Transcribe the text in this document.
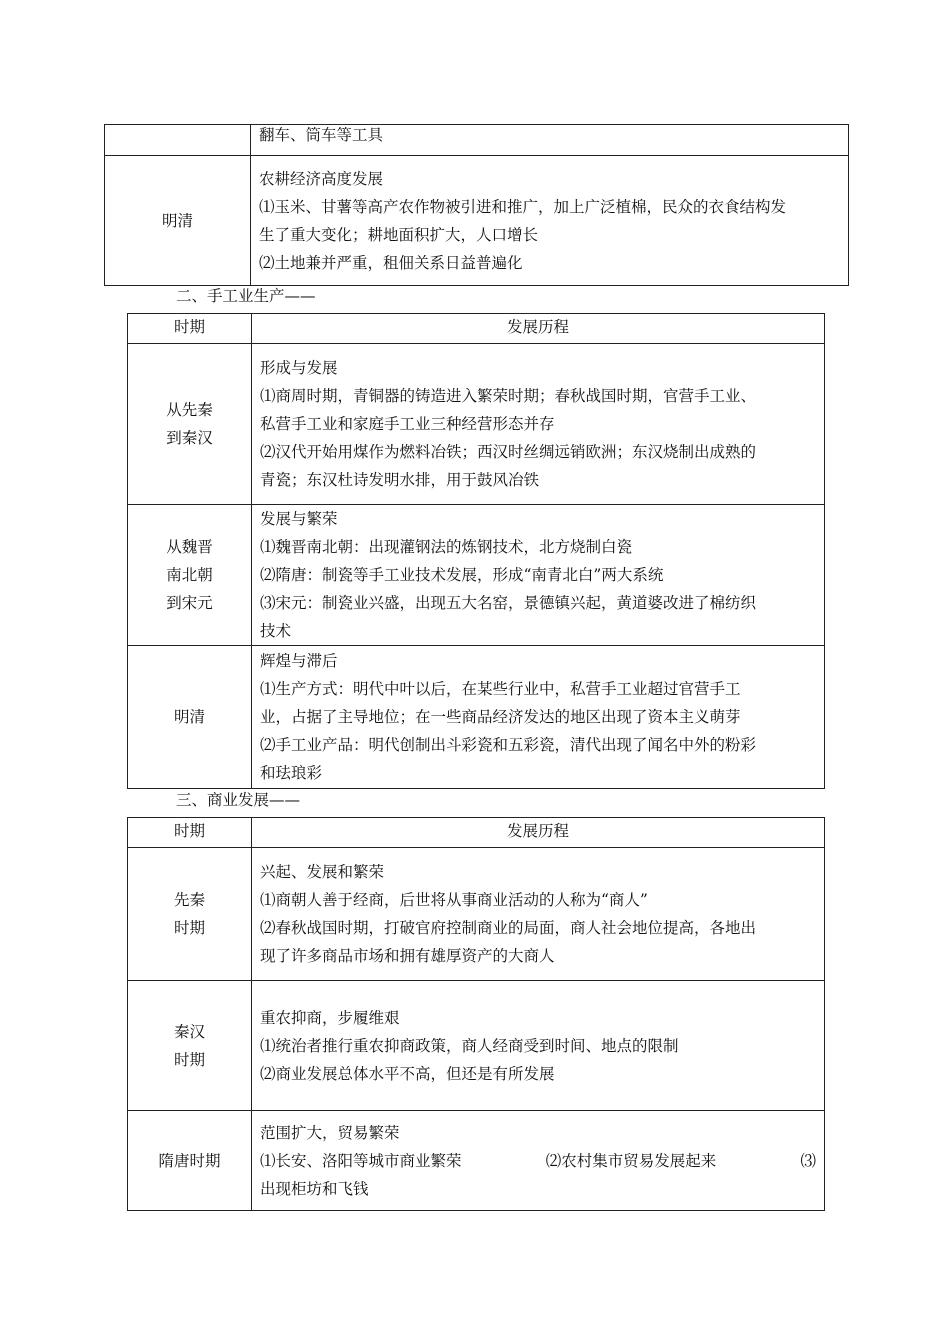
	翻车、筒车等工具

明清	农耕经济高度发展
⑴玉米、甘薯等高产农作物被引进和推广，加上广泛植棉，民众的衣食结构发
生了重大变化；耕地面积扩大，人口增长
⑵土地兼并严重，租佃关系日益普遍化
二、手工业生产——
时期	发展历程

从先秦
到秦汉	形成与发展
⑴商周时期，青铜器的铸造进入繁荣时期；春秋战国时期，官营手工业、
私营手工业和家庭手工业三种经营形态并存
⑵汉代开始用煤作为燃料冶铁；西汉时丝绸远销欧洲；东汉烧制出成熟的
青瓷；东汉杜诗发明水排，用于鼓风冶铁

从魏晋
南北朝
到宋元	发展与繁荣
⑴魏晋南北朝：出现灌钢法的炼钢技术，北方烧制白瓷
⑵隋唐：制瓷等手工业技术发展，形成“南青北白”两大系统
⑶宋元：制瓷业兴盛，出现五大名窑，景德镇兴起，黄道婆改进了棉纺织
技术

明清	辉煌与滞后
⑴生产方式：明代中叶以后，在某些行业中，私营手工业超过官营手工
业，占据了主导地位；在一些商品经济发达的地区出现了资本主义萌芽
⑵手工业产品：明代创制出斗彩瓷和五彩瓷，清代出现了闻名中外的粉彩
和珐琅彩
三、商业发展——
时期	发展历程

先秦
时期	兴起、发展和繁荣
⑴商朝人善于经商，后世将从事商业活动的人称为“商人”
⑵春秋战国时期，打破官府控制商业的局面，商人社会地位提高，各地出
现了许多商品市场和拥有雄厚资产的大商人

秦汉
时期	重农抑商，步履维艰
⑴统治者推行重农抑商政策，商人经商受到时间、地点的限制
⑵商业发展总体水平不高，但还是有所发展

隋唐时期	范围扩大，贸易繁荣
⑴长安、洛阳等城市商业繁荣 ⑵农村集市贸易发展起来 ⑶
出现柜坊和飞钱
